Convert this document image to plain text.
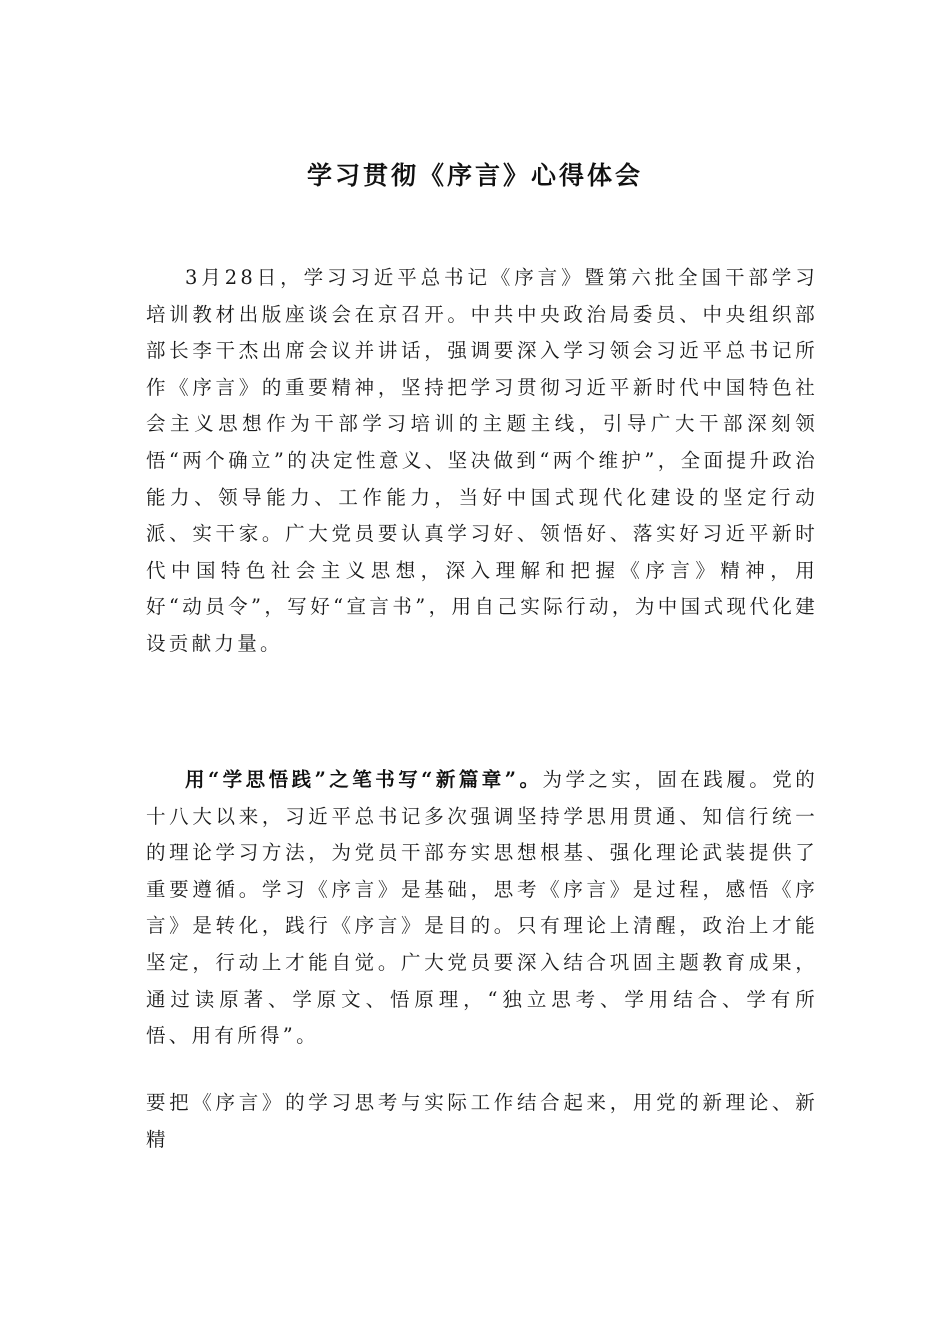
学习贯彻《序言》心得体会

3月28日，学习习近平总书记《序言》暨第六批全国干部学习培训教材出版座谈会在京召开。中共中央政治局委员、中央组织部部长李干杰出席会议并讲话，强调要深入学习领会习近平总书记所作《序言》的重要精神，坚持把学习贯彻习近平新时代中国特色社会主义思想作为干部学习培训的主题主线，引导广大干部深刻领悟“两个确立”的决定性意义、坚决做到“两个维护”，全面提升政治能力、领导能力、工作能力，当好中国式现代化建设的坚定行动派、实干家。广大党员要认真学习好、领悟好、落实好习近平新时代中国特色社会主义思想，深入理解和把握《序言》精神，用好“动员令”，写好“宣言书”，用自己实际行动，为中国式现代化建设贡献力量。

用“学思悟践”之笔书写“新篇章”。为学之实，固在践履。党的十八大以来，习近平总书记多次强调坚持学思用贯通、知信行统一的理论学习方法，为党员干部夯实思想根基、强化理论武装提供了重要遵循。学习《序言》是基础，思考《序言》是过程，感悟《序言》是转化，践行《序言》是目的。只有理论上清醒，政治上才能坚定，行动上才能自觉。广大党员要深入结合巩固主题教育成果，通过读原著、学原文、悟原理，“独立思考、学用结合、学有所悟、用有所得”。

要把《序言》的学习思考与实际工作结合起来，用党的新理论、新精
